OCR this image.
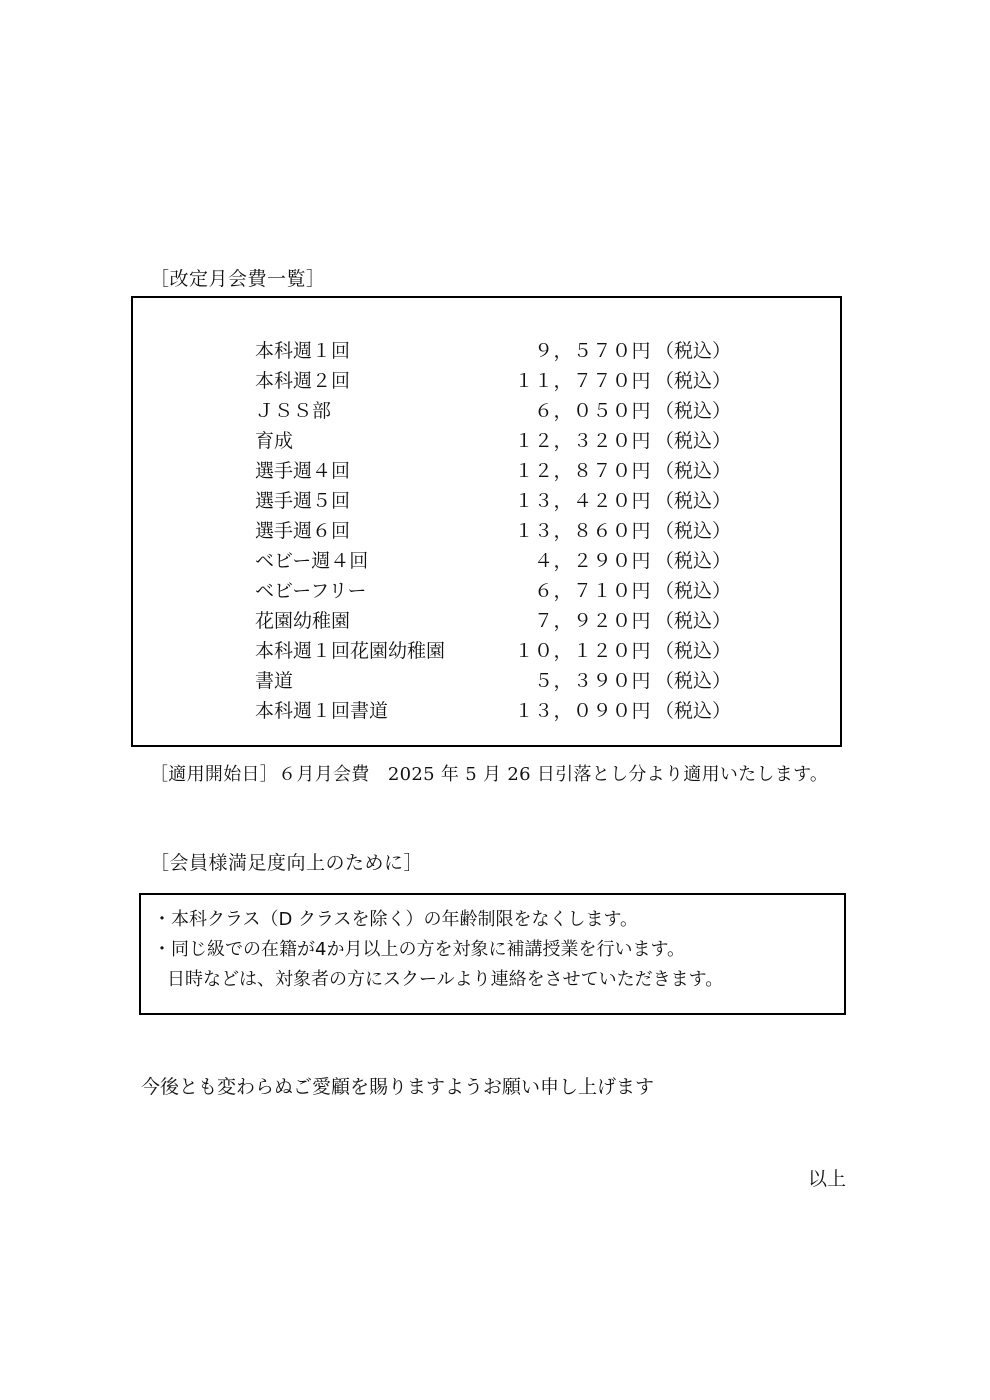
［改定月会費一覧］
本科週１回	９，５７０円 （税込）
本科週２回	１１，７７０円 （税込）
ＪＳＳ部	６，０５０円 （税込）
育成	１２，３２０円 （税込）
選手週４回	１２，８７０円 （税込）
選手週５回	１３，４２０円 （税込）
選手週６回	１３，８６０円 （税込）
ベビー週４回	４，２９０円 （税込）
ベビーフリー	６，７１０円 （税込）
花園幼稚園	７，９２０円 （税込）
本科週１回花園幼稚園	１０，１２０円 （税込）
書道	５，３９０円 （税込）
本科週１回書道	１３，０９０円 （税込）
［適用開始日］６月月会費　2025 年 5 月 26 日引落とし分より適用いたします。
［会員様満足度向上のために］
・本科クラス（D クラスを除く）の年齢制限をなくします。
・同じ級での在籍が4か月以上の方を対象に補講授業を行います。
日時などは、対象者の方にスクールより連絡をさせていただきます。
今後とも変わらぬご愛顧を賜りますようお願い申し上げます
以上
